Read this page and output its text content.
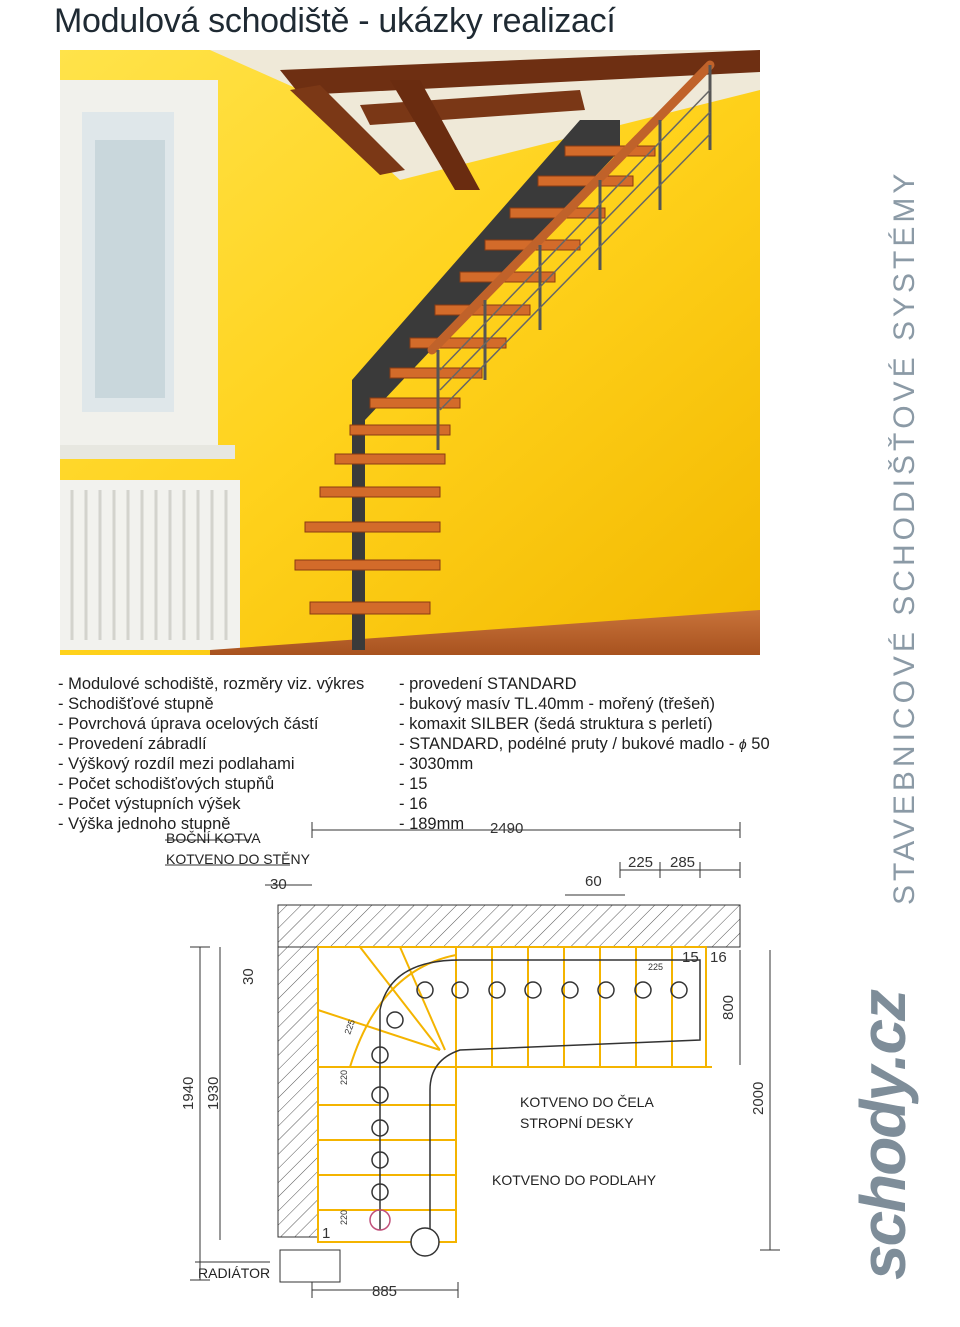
Modulová schodiště - ukázky realizací
- Modulové schodiště, rozměry viz. výkres - provedení STANDARD
- Schodišťové stupně	- bukový masív TL.40mm - mořený (třešeň)
- Povrchová úprava ocelových částí	- komaxit SILBER (šedá struktura s perletí)
- Provedení zábradlí	- STANDARD, podélné pruty / bukové madlo - ϕ 50
- Výškový rozdíl mezi podlahami	- 3030mm
- Počet schodišťových stupňů	- 15
- Počet výstupních výšek	- 16
- Výška jednoho stupně	- 189mm
BOČNÍ KOTVA
KOTVENO DO STĚNY
KOTVENO DO ČELA
STROPNÍ DESKY
KOTVENO DO PODLAHY
RADIÁTOR
2490
225 285
60
30
15 16
1
885
225
30
800
2000
1940 1930
225
220
220
STAVEBNICOVÉ SCHODIŠŤOVÉ SYSTÉMY
schody.cz
